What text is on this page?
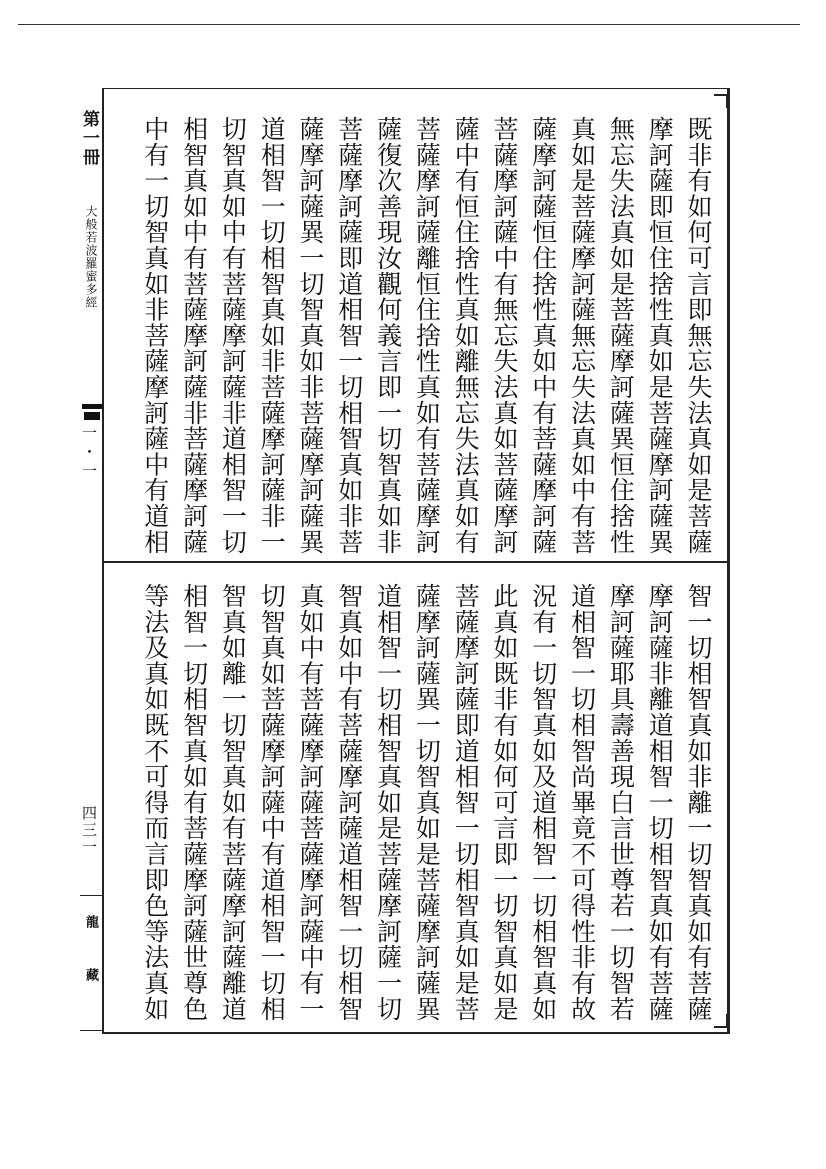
第一冊
大般若波羅蜜多經
一・一
四三一
龍藏
既非有如何可言即無忘失法真如是菩薩
摩訶薩即恒住捨性真如是菩薩摩訶薩異
無忘失法真如是菩薩摩訶薩異恒住捨性
真如是菩薩摩訶薩無忘失法真如中有菩
薩摩訶薩恒住捨性真如中有菩薩摩訶薩
菩薩摩訶薩中有無忘失法真如菩薩摩訶
薩中有恒住捨性真如離無忘失法真如有
菩薩摩訶薩離恒住捨性真如有菩薩摩訶
薩復次善現汝觀何義言即一切智真如非
菩薩摩訶薩即道相智一切相智真如非菩
薩摩訶薩異一切智真如非菩薩摩訶薩異
道相智一切相智真如非菩薩摩訶薩非一
切智真如中有菩薩摩訶薩非道相智一切
相智真如中有菩薩摩訶薩非菩薩摩訶薩
中有一切智真如非菩薩摩訶薩中有道相
智一切相智真如非離一切智真如有菩薩
摩訶薩非離道相智一切相智真如有菩薩
摩訶薩耶具壽善現白言世尊若一切智若
道相智一切相智尚畢竟不可得性非有故
況有一切智真如及道相智一切相智真如
此真如既非有如何可言即一切智真如是
菩薩摩訶薩即道相智一切相智真如是菩
薩摩訶薩異一切智真如是菩薩摩訶薩異
道相智一切相智真如是菩薩摩訶薩一切
智真如中有菩薩摩訶薩道相智一切相智
真如中有菩薩摩訶薩菩薩摩訶薩中有一
切智真如菩薩摩訶薩中有道相智一切相
智真如離一切智真如有菩薩摩訶薩離道
相智一切相智真如有菩薩摩訶薩世尊色
等法及真如既不可得而言即色等法真如
